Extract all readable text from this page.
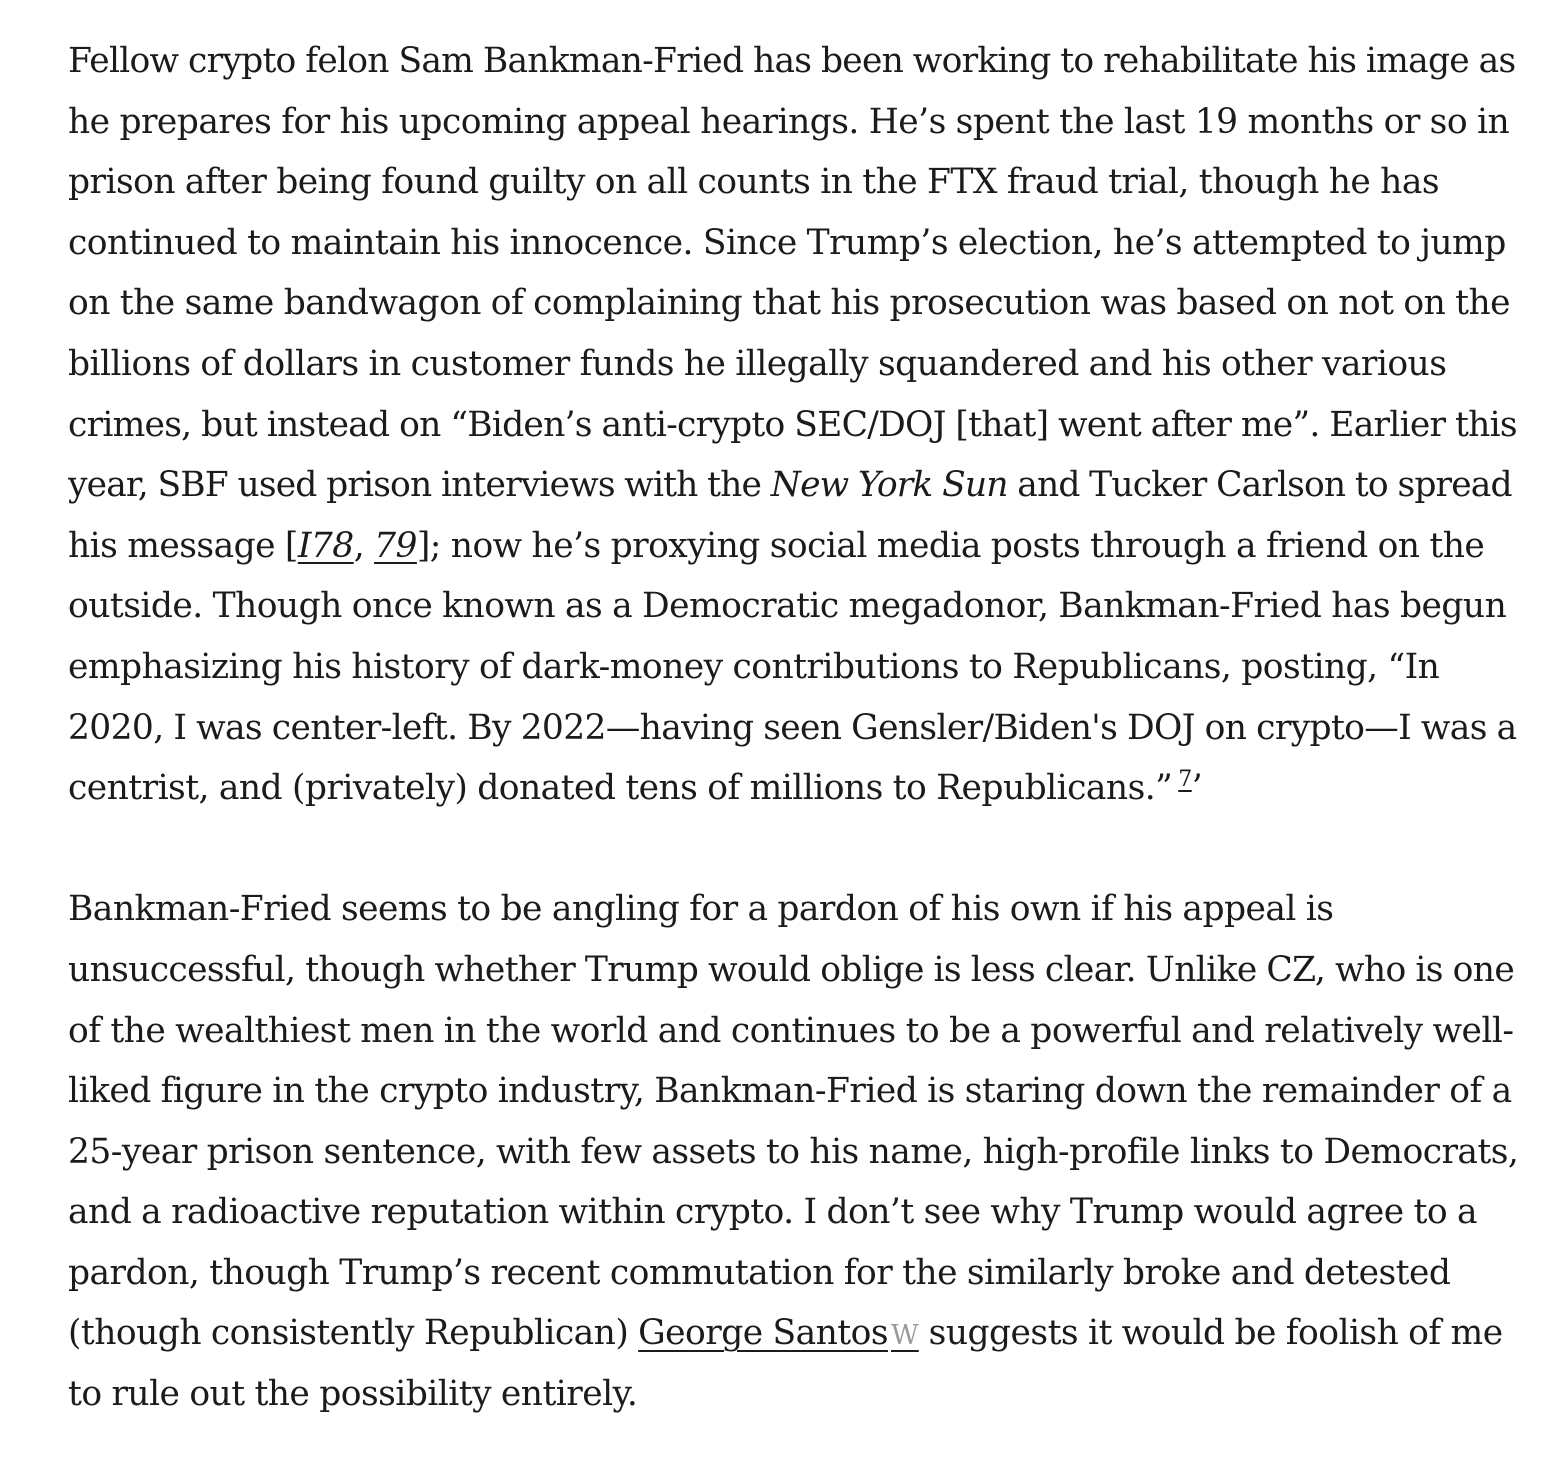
Fellow crypto felon Sam Bankman-Fried has been working to rehabilitate his image as
he prepares for his upcoming appeal hearings. He’s spent the last 19 months or so in
prison after being found guilty on all counts in the FTX fraud trial, though he has
continued to maintain his innocence. Since Trump’s election, he’s attempted to jump
on the same bandwagon of complaining that his prosecution was based on not on the
billions of dollars in customer funds he illegally squandered and his other various
crimes, but instead on “Biden’s anti-crypto SEC/DOJ [that] went after me”. Earlier this
year, SBF used prison interviews with the New York Sun and Tucker Carlson to spread
his message [I78, 79]; now he’s proxying social media posts through a friend on the
outside. Though once known as a Democratic megadonor, Bankman-Fried has begun
emphasizing his history of dark-money contributions to Republicans, posting, “In
2020, I was center-left. By 2022—having seen Gensler/Biden's DOJ on crypto—I was a
centrist, and (privately) donated tens of millions to Republicans.” $^7$’

Bankman-Fried seems to be angling for a pardon of his own if his appeal is
unsuccessful, though whether Trump would oblige is less clear. Unlike CZ, who is one
of the wealthiest men in the world and continues to be a powerful and relatively well-
liked figure in the crypto industry, Bankman-Fried is staring down the remainder of a
25-year prison sentence, with few assets to his name, high-profile links to Democrats,
and a radioactive reputation within crypto. I don’t see why Trump would agree to a
pardon, though Trump’s recent commutation for the similarly broke and detested
(though consistently Republican) George Santos W suggests it would be foolish of me
to rule out the possibility entirely.
